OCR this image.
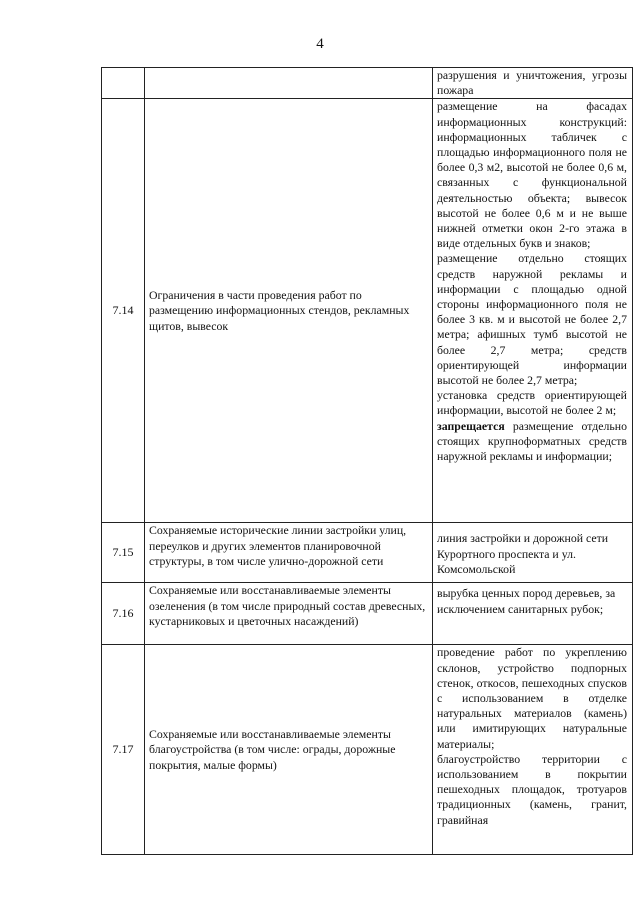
4

		разрушения и уничтожения, угрозы пожара

7.14	Ограничения в части проведения работ по размещению информационных стендов, рекламных щитов, вывесок	размещение на фасадах информационных конструкций: информационных табличек с площадью информационного поля не более 0,3 м2, высотой не более 0,6 м, связанных с функциональной деятельностью объекта; вывесок высотой не более 0,6 м и не выше нижней отметки окон 2-го этажа в виде отдельных букв и знаков;

размещение отдельно стоящих средств наружной рекламы и информации с площадью одной стороны информационного поля не более 3 кв. м и высотой не более 2,7 метра; афишных тумб высотой не более 2,7 метра; средств ориентирующей информации высотой не более 2,7 метра;

установка средств ориентирующей информации, высотой не более 2 м;

запрещается размещение отдельно стоящих крупноформатных средств наружной рекламы и информации;

7.15	Сохраняемые исторические линии застройки улиц, переулков и других элементов планировочной структуры, в том числе улично-дорожной сети	линия застройки и дорожной сети Курортного проспекта и ул. Комсомольской

7.16	Сохраняемые или восстанавливаемые элементы озеленения (в том числе природный состав древесных, кустарниковых и цветочных насаждений)	вырубка ценных пород деревьев, за исключением санитарных рубок;

7.17	Сохраняемые или восстанавливаемые элементы благоустройства (в том числе: ограды, дорожные покрытия, малые формы)	проведение работ по укреплению склонов, устройство подпорных стенок, откосов, пешеходных спусков с использованием в отделке натуральных материалов (камень) или имитирующих натуральные материалы;

благоустройство территории с использованием в покрытии пешеходных площадок, тротуаров традиционных (камень, гранит, гравийная
